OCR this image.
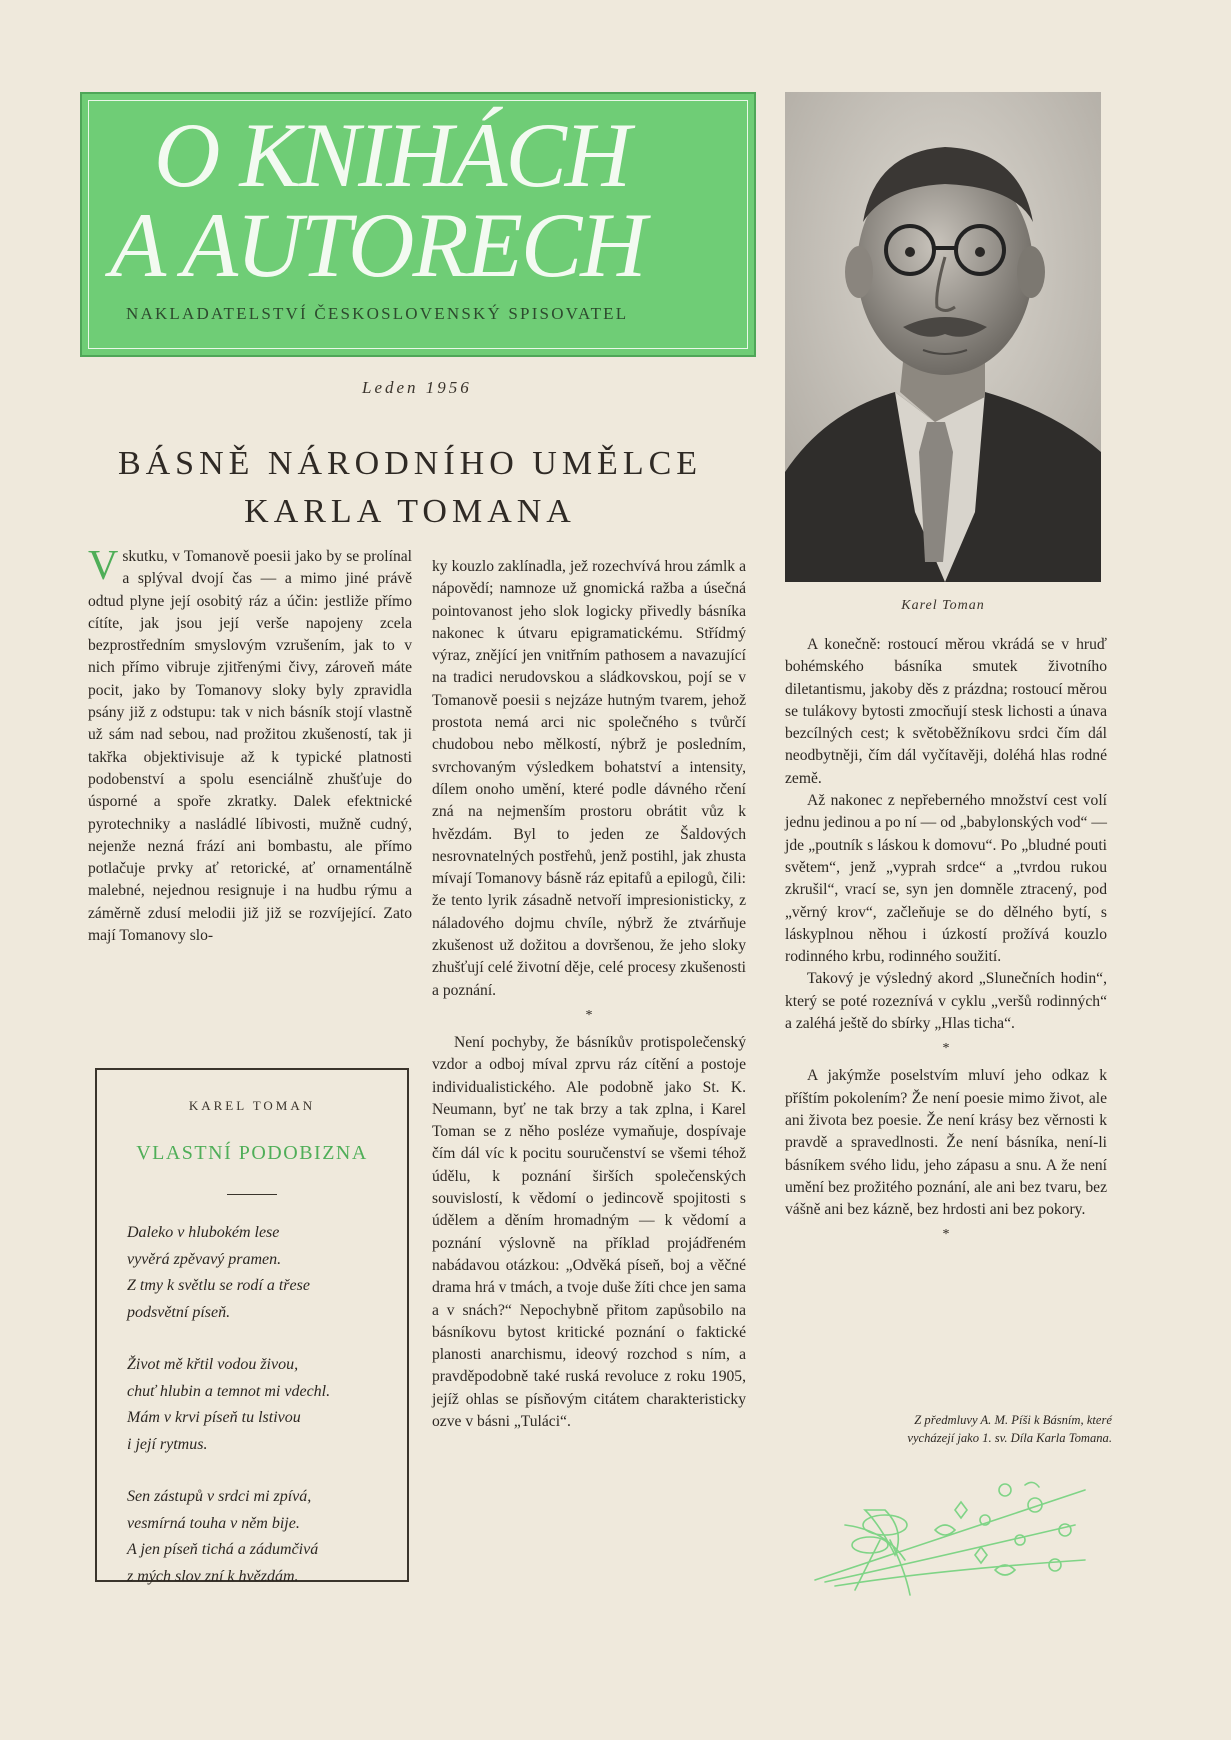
O KNIHÁCH
A AUTORECH
NAKLADATELSTVÍ ČESKOSLOVENSKÝ SPISOVATEL
Leden 1956
BÁSNĚ NÁRODNÍHO UMĚLCE
KARLA TOMANA
Karel Toman

Vskutku, v Tomanově poesii jako by se prolínal a splýval dvojí čas — a mimo jiné právě odtud plyne její osobitý ráz a účin: jestliže přímo cítíte, jak jsou její verše napojeny zcela bezprostředním smyslovým vzrušením, jak to v nich přímo vibruje zjitřenými čivy, zároveň máte pocit, jako by Tomanovy sloky byly zpravidla psány již z odstupu: tak v nich básník stojí vlastně už sám nad sebou, nad prožitou zkušeností, tak ji takřka objektivisuje až k typické platnosti podobenství a spolu esenciálně zhušťuje do úsporné a spoře zkratky. Dalek efektnické pyrotechniky a nasládlé líbivosti, mužně cudný, nejenže nezná frází ani bombastu, ale přímo potlačuje prvky ať retorické, ať ornamentálně malebné, nejednou resignuje i na hudbu rýmu a záměrně zdusí melodii již již se rozvíjející. Zato mají Tomanovy slo-

ky kouzlo zaklínadla, jež rozechvívá hrou zámlk a nápovědí; namnoze už gnomická ražba a úsečná pointovanost jeho slok logicky přivedly básníka nakonec k útvaru epigramatickému. Střídmý výraz, znějící jen vnitřním pathosem a navazující na tradici nerudovskou a sládkovskou, pojí se v Tomanově poesii s nejzáze hutným tvarem, jehož prostota nemá arci nic společného s tvůrčí chudobou nebo mělkostí, nýbrž je posledním, svrchovaným výsledkem bohatství a intensity, dílem onoho umění, které podle dávného rčení zná na nejmenším prostoru obrátit vůz k hvězdám. Byl to jeden ze Šaldových nesrovnatelných postřehů, jenž postihl, jak zhusta mívají Tomanovy básně ráz epitafů a epilogů, čili: že tento lyrik zásadně netvoří impresionisticky, z náladového dojmu chvíle, nýbrž že ztvárňuje zkušenost už dožitou a dovršenou, že jeho sloky zhušťují celé životní děje, celé procesy zkušenosti a poznání.

*

Není pochyby, že básníkův protispolečenský vzdor a odboj míval zprvu ráz cítění a postoje individualistického. Ale podobně jako St. K. Neumann, byť ne tak brzy a tak zplna, i Karel Toman se z něho posléze vymaňuje, dospívaje čím dál víc k pocitu souručenství se všemi téhož údělu, k poznání širších společenských souvislostí, k vědomí o jedincově spojitosti s údělem a děním hromadným — k vědomí a poznání výslovně na příklad projádřeném nabádavou otázkou: „Odvěká píseň, boj a věčné drama hrá v tmách, a tvoje duše žíti chce jen sama a v snách?“ Nepochybně přitom zapůsobilo na básníkovu bytost kritické poznání o faktické planosti anarchismu, ideový rozchod s ním, a pravděpodobně také ruská revoluce z roku 1905, jejíž ohlas se písňovým citátem charakteristicky ozve v básni „Tuláci“.

A konečně: rostoucí měrou vkrádá se v hruď bohémského básníka smutek životního diletantismu, jakoby děs z prázdna; rostoucí měrou se tulákovy bytosti zmocňují stesk lichosti a únava bezcílných cest; k světoběžníkovu srdci čím dál neodbytněji, čím dál vyčítavěji, doléhá hlas rodné země.

Až nakonec z nepřeberného množství cest volí jednu jedinou a po ní — od „babylonských vod“ — jde „poutník s láskou k domovu“. Po „bludné pouti světem“, jenž „vyprah srdce“ a „tvrdou rukou zkrušil“, vrací se, syn jen domněle ztracený, pod „věrný krov“, začleňuje se do dělného bytí, s láskyplnou něhou i úzkostí prožívá kouzlo rodinného krbu, rodinného soužití.

Takový je výsledný akord „Slunečních hodin“, který se poté rozeznívá v cyklu „veršů rodinných“ a zaléhá ještě do sbírky „Hlas ticha“.

*

A jakýmže poselstvím mluví jeho odkaz k příštím pokolením? Že není poesie mimo život, ale ani života bez poesie. Že není krásy bez věrnosti k pravdě a spravedlnosti. Že není básníka, není-li básníkem svého lidu, jeho zápasu a snu. A že není umění bez prožitého poznání, ale ani bez tvaru, bez vášně ani bez kázně, bez hrdosti ani bez pokory.

*
Z předmluvy A. M. Píši k Básním, které
vycházejí jako 1. sv. Díla Karla Tomana.
KAREL TOMAN
VLASTNÍ PODOBIZNA
Daleko v hlubokém lese
vyvěrá zpěvavý pramen.
Z tmy k světlu se rodí a třese
podsvětní píseň.
Život mě křtil vodou živou,
chuť hlubin a temnot mi vdechl.
Mám v krvi píseň tu lstivou
i její rytmus.
Sen zástupů v srdci mi zpívá,
vesmírná touha v něm bije.
A jen píseň tichá a zádumčivá
z mých slov zní k hvězdám.
